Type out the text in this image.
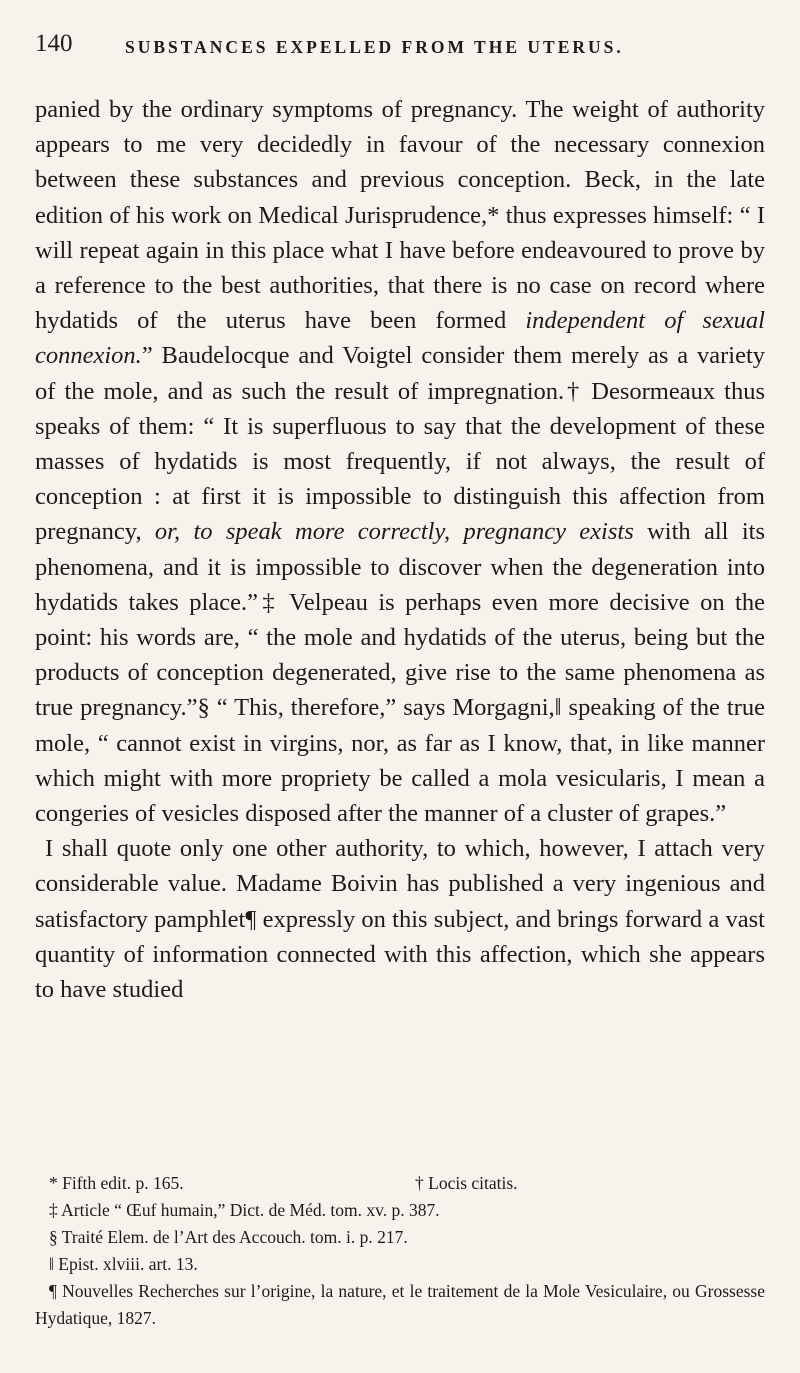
140	SUBSTANCES EXPELLED FROM THE UTERUS.

panied by the ordinary symptoms of pregnancy. The weight of authority appears to me very decidedly in favour of the necessary connexion between these substances and previous conception. Beck, in the late edition of his work on Medical Jurisprudence,* thus expresses himself: “ I will repeat again in this place what I have before endeavoured to prove by a reference to the best authorities, that there is no case on record where hydatids of the uterus have been formed independent of sexual connexion.” Baudelocque and Voigtel consider them merely as a variety of the mole, and as such the result of impregnation.† Desormeaux thus speaks of them: “ It is superfluous to say that the development of these masses of hydatids is most frequently, if not always, the result of conception : at first it is impossible to distinguish this affection from pregnancy, or, to speak more correctly, pregnancy exists with all its phenomena, and it is impossible to discover when the degeneration into hydatids takes place.”‡ Velpeau is perhaps even more decisive on the point: his words are, “ the mole and hydatids of the uterus, being but the products of conception degenerated, give rise to the same phenomena as true pregnancy.”§ “ This, therefore,” says Morgagni,‖ speaking of the true mole, “ cannot exist in virgins, nor, as far as I know, that, in like manner which might with more propriety be called a mola vesicularis, I mean a congeries of vesicles disposed after the manner of a cluster of grapes.”

I shall quote only one other authority, to which, however, I attach very considerable value. Madame Boivin has published a very ingenious and satisfactory pamphlet¶ expressly on this subject, and brings forward a vast quantity of information connected with this affection, which she appears to have studied

* Fifth edit. p. 165.	† Locis citatis.
‡ Article “ Œuf humain,” Dict. de Méd. tom. xv. p. 387.
§ Traité Elem. de l’Art des Accouch. tom. i. p. 217.
‖ Epist. xlviii. art. 13.
¶ Nouvelles Recherches sur l’origine, la nature, et le traitement de la Mole Vesiculaire, ou Grossesse Hydatique, 1827.
